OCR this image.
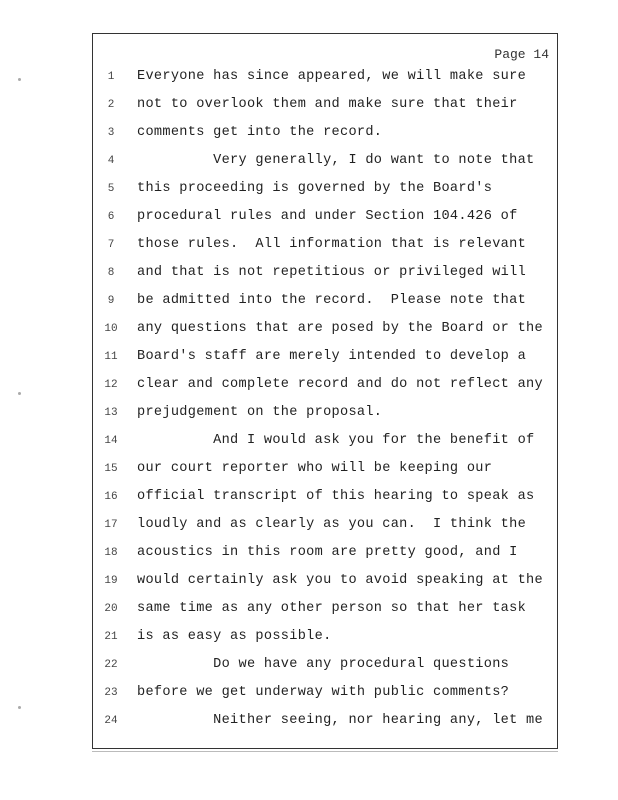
Page 14
1	Everyone has since appeared, we will make sure
2	not to overlook them and make sure that their
3	comments get into the record.
4	Very generally, I do want to note that
5	this proceeding is governed by the Board's
6	procedural rules and under Section 104.426 of
7	those rules.  All information that is relevant
8	and that is not repetitious or privileged will
9	be admitted into the record.  Please note that
10	any questions that are posed by the Board or the
11	Board's staff are merely intended to develop a
12	clear and complete record and do not reflect any
13	prejudgement on the proposal.
14	And I would ask you for the benefit of
15	our court reporter who will be keeping our
16	official transcript of this hearing to speak as
17	loudly and as clearly as you can.  I think the
18	acoustics in this room are pretty good, and I
19	would certainly ask you to avoid speaking at the
20	same time as any other person so that her task
21	is as easy as possible.
22	Do we have any procedural questions
23	before we get underway with public comments?
24	Neither seeing, nor hearing any, let me
